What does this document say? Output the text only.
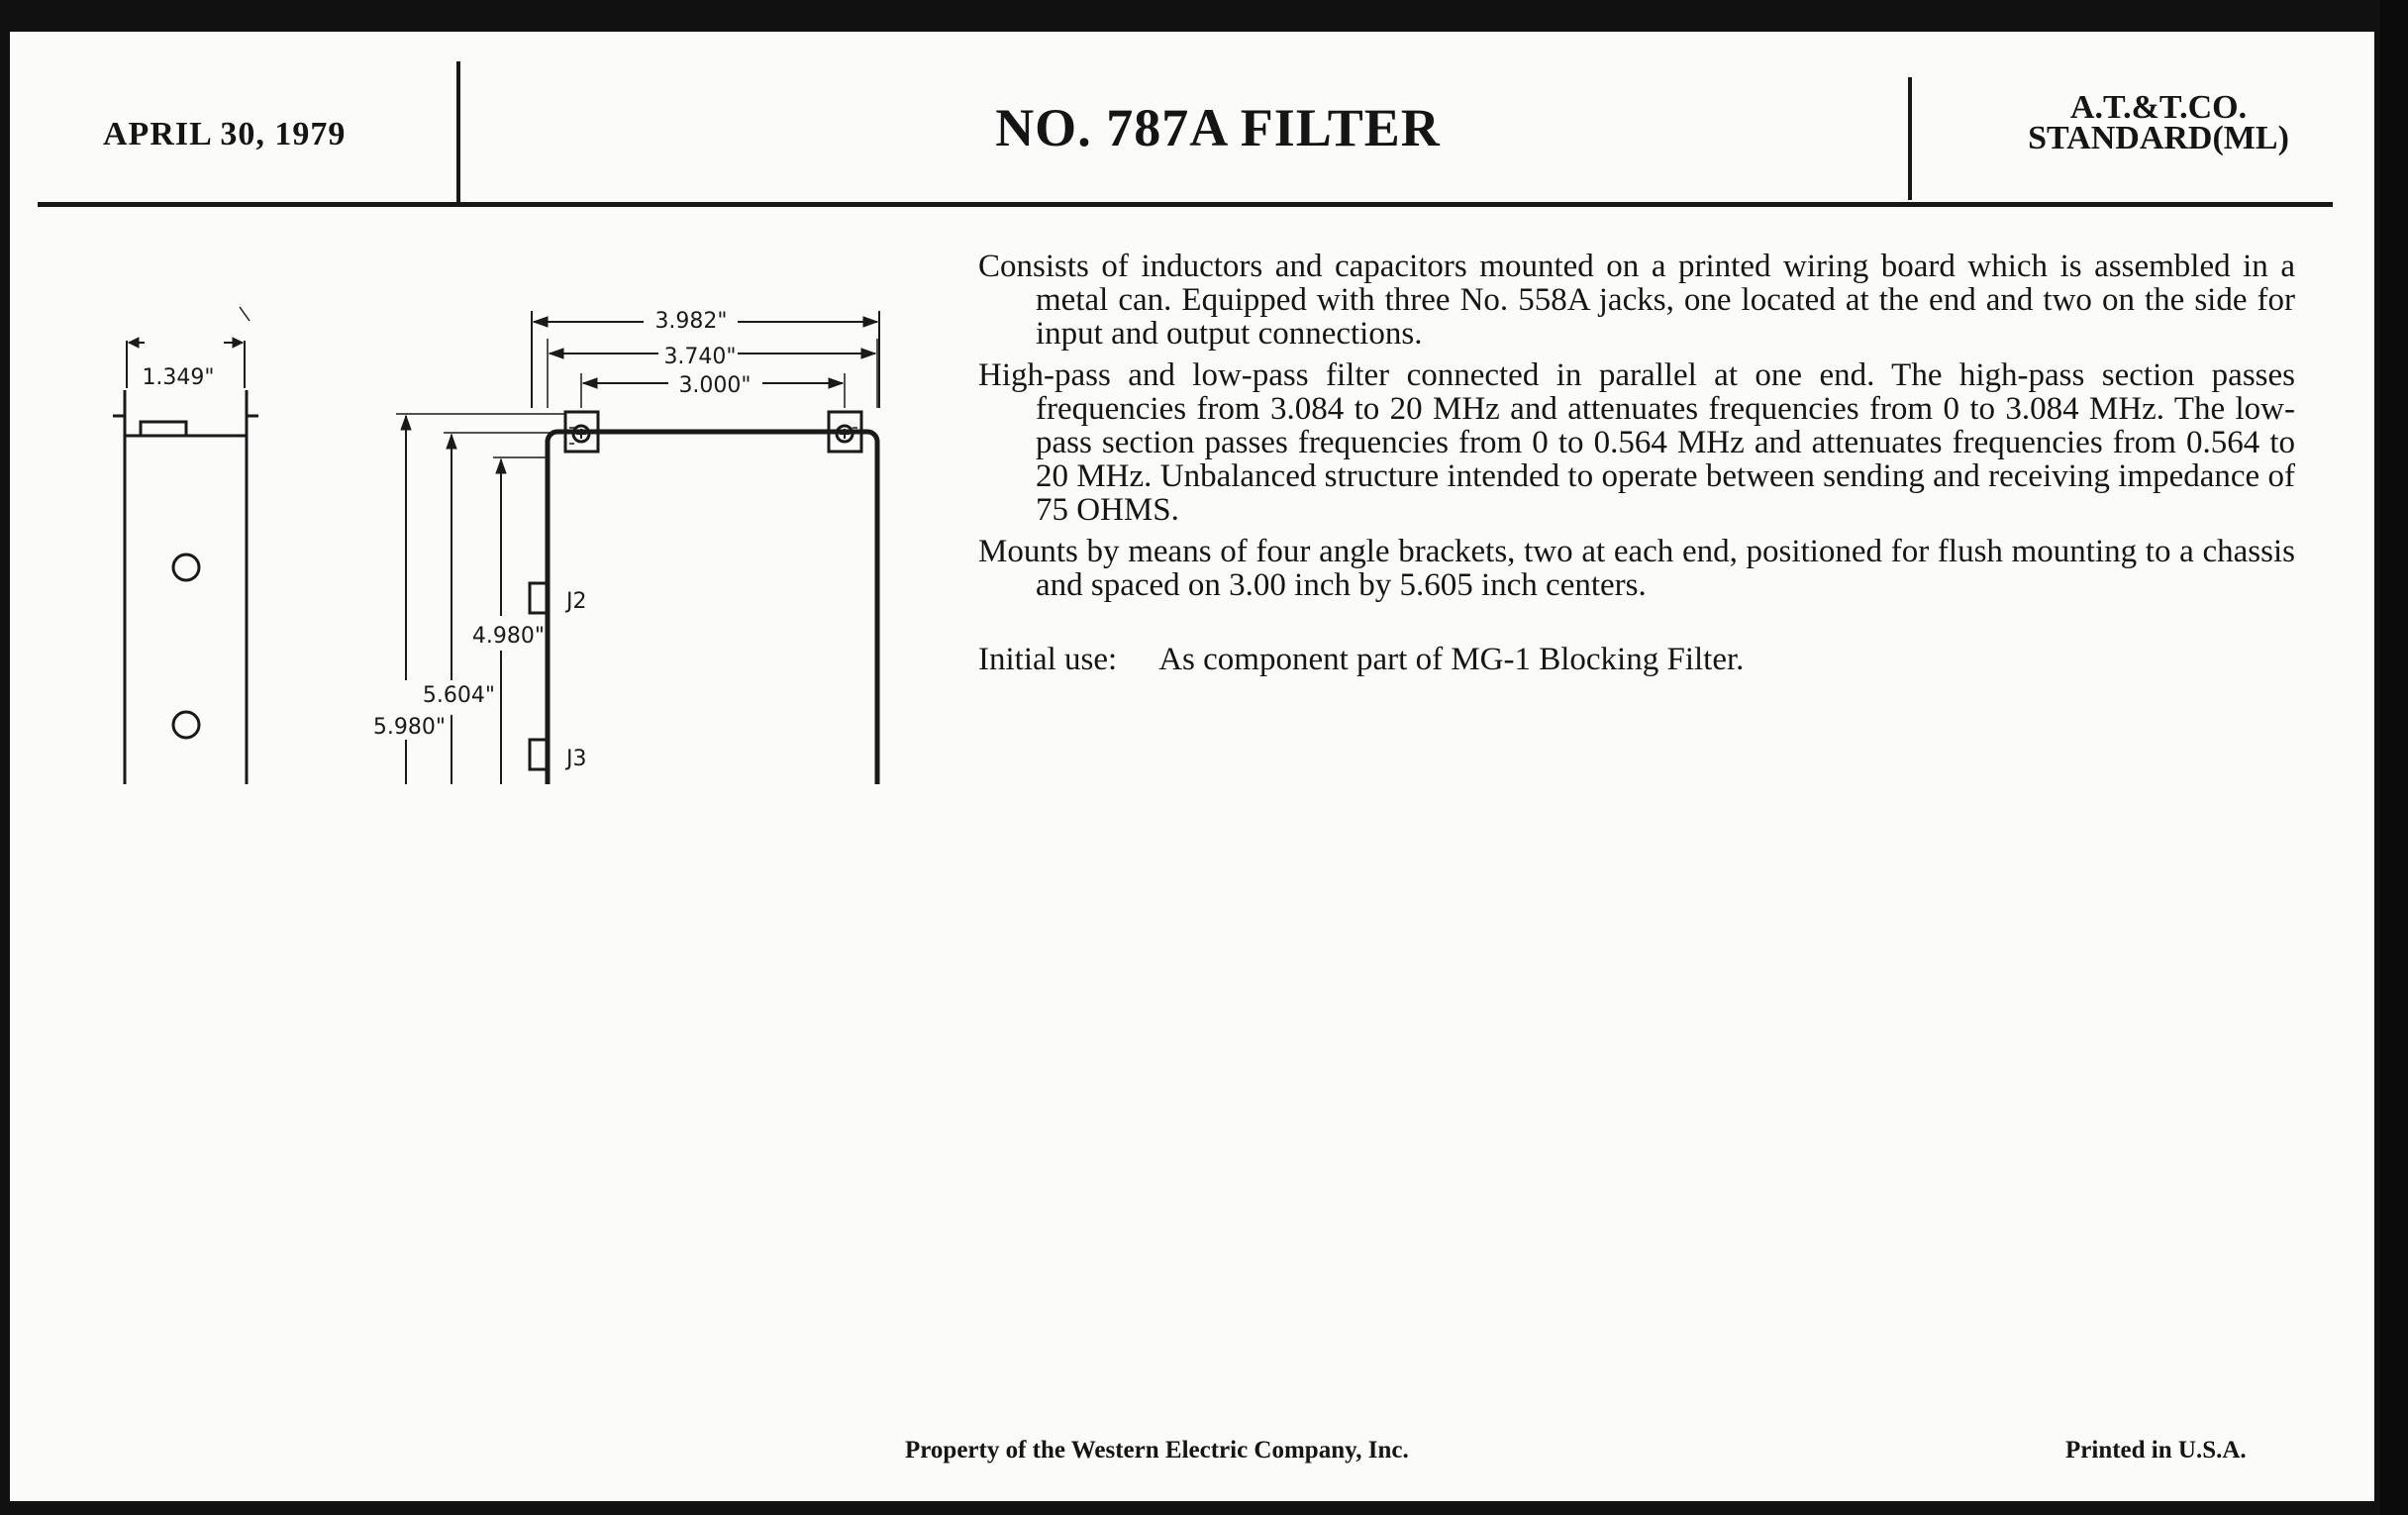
APRIL 30, 1979	NO. 787A FILTER	A.T.&T.CO.
STANDARD(ML)
1.349"
3.982"
3.740"
3.000"
4.980"
5.604"
5.980"
J2
J3

Consists of inductors and capacitors mounted on a printed wiring board which is assembled in a metal can. Equipped with three No. 558A jacks, one located at the end and two on the side for input and output connections.

High-pass and low-pass filter connected in parallel at one end. The high-pass section passes frequencies from 3.084 to 20 MHz and attenuates frequencies from 0 to 3.084 MHz. The low-pass section passes frequencies from 0 to 0.564 MHz and attenuates frequencies from 0.564 to 20 MHz. Unbalanced structure intended to operate between sending and receiving impedance of 75 OHMS.

Mounts by means of four angle brackets, two at each end, positioned for flush mounting to a chassis and spaced on 3.00 inch by 5.605 inch centers.

Initial use: As component part of MG-1 Blocking Filter.
Property of the Western Electric Company, Inc.	Printed in U.S.A.
